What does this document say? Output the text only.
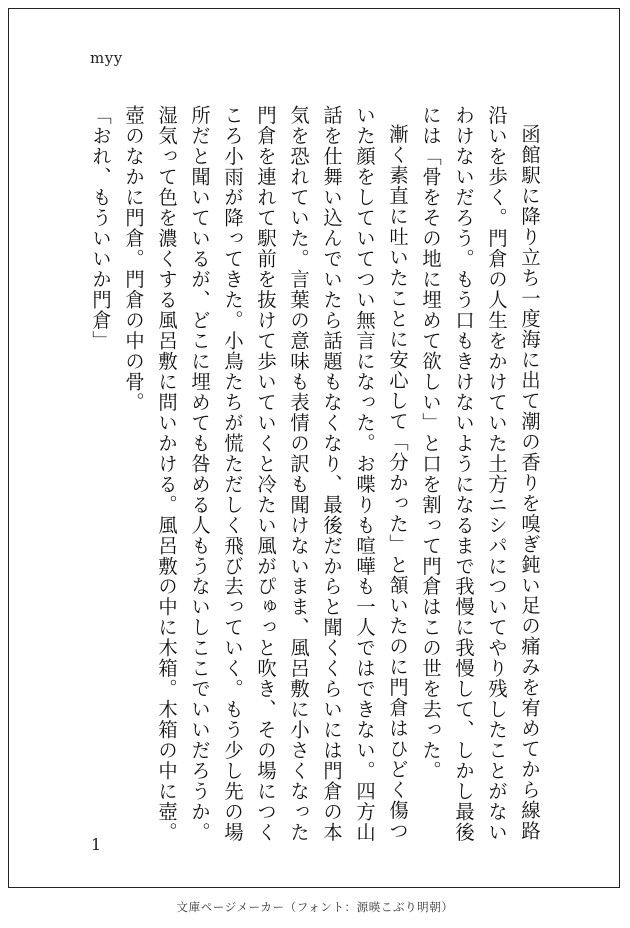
myy

函館駅に降り立ち一度海に出て潮の香りを嗅ぎ鈍い足の痛みを宥めてから線路沿いを歩く。門倉の人生をかけていた土方ニシパについてやり残したことがないわけないだろう。もう口もきけないようになるまで我慢に我慢して、しかし最後には「骨をその地に埋めて欲しい」と口を割って門倉はこの世を去った。

漸く素直に吐いたことに安心して「分かった」と頷いたのに門倉はひどく傷ついた顔をしていてつい無言になった。お喋りも喧嘩も一人ではできない。四方山話を仕舞い込んでいたら話題もなくなり、最後だからと聞くくらいには門倉の本気を恐れていた。言葉の意味も表情の訳も聞けないまま、風呂敷に小さくなった門倉を連れて駅前を抜けて歩いていくと冷たい風がぴゅっと吹き、その場につくころ小雨が降ってきた。小鳥たちが慌ただしく飛び去っていく。もう少し先の場所だと聞いているが、どこに埋めても咎める人もうないしここでいいだろうか。湿気って色を濃くする風呂敷に問いかける。風呂敷の中に木箱。木箱の中に壺。壺のなかに門倉。門倉の中の骨。

「おれ、もういいか門倉」

1
文庫ページメーカー（フォント：源暎こぶり明朝）
